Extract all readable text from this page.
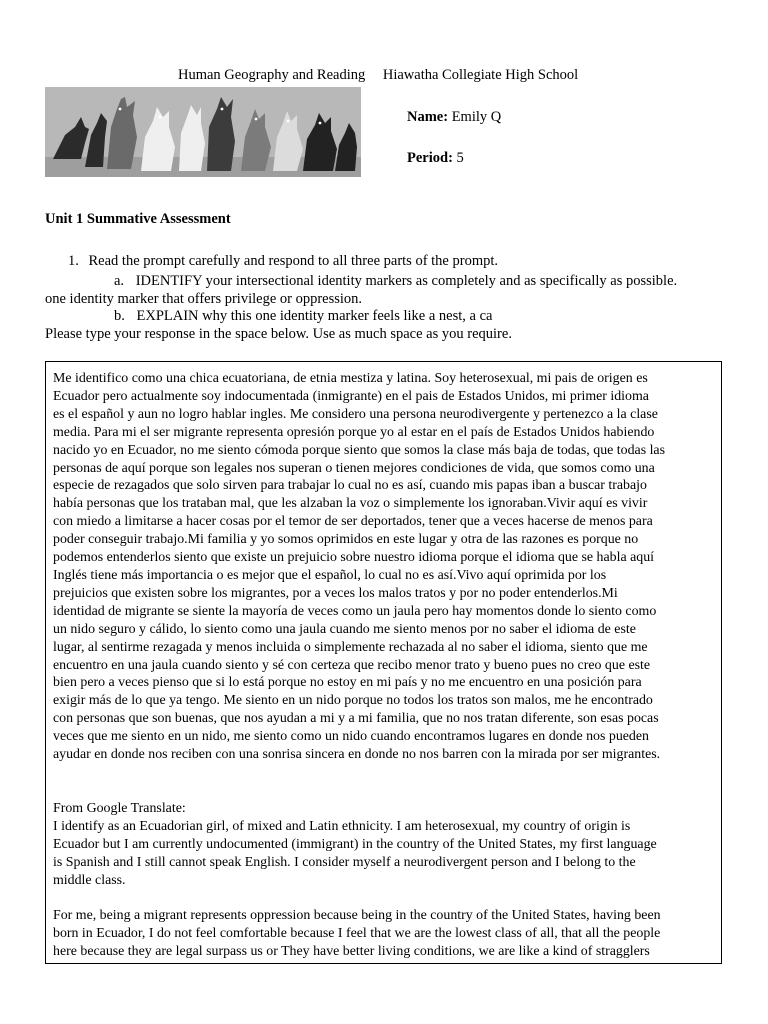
Human Geography and Reading Hiawatha Collegiate High School
Name: Emily Q
Period: 5
Unit 1 Summative Assessment
1. Read the prompt carefully and respond to all three parts of the prompt.
a. IDENTIFY your intersectional identity markers as completely and as specifically as possible.
one identity marker that offers privilege or oppression.
b. EXPLAIN why this one identity marker feels like a nest, a ca
Please type your response in the space below. Use as much space as you require.

Me identifico como una chica ecuatoriana, de etnia mestiza y latina. Soy heterosexual, mi pais de origen es

Ecuador pero actualmente soy indocumentada (inmigrante) en el pais de Estados Unidos, mi primer idioma

es el español y aun no logro hablar ingles. Me considero una persona neurodivergente y pertenezco a la clase

media. Para mi el ser migrante representa opresión porque yo al estar en el país de Estados Unidos habiendo

nacido yo en Ecuador, no me siento cómoda porque siento que somos la clase más baja de todas, que todas las

personas de aquí porque son legales nos superan o tienen mejores condiciones de vida, que somos como una

especie de rezagados que solo sirven para trabajar lo cual no es así, cuando mis papas iban a buscar trabajo

había personas que los trataban mal, que les alzaban la voz o simplemente los ignoraban.Vivir aquí es vivir

con miedo a limitarse a hacer cosas por el temor de ser deportados, tener que a veces hacerse de menos para

poder conseguir trabajo.Mi familia y yo somos oprimidos en este lugar y otra de las razones es porque no

podemos entenderlos siento que existe un prejuicio sobre nuestro idioma porque el idioma que se habla aquí

Inglés tiene más importancia o es mejor que el español, lo cual no es así.Vivo aquí oprimida por los

prejuicios que existen sobre los migrantes, por a veces los malos tratos y por no poder entenderlos.Mi

identidad de migrante se siente la mayoría de veces como un jaula pero hay momentos donde lo siento como

un nido seguro y cálido, lo siento como una jaula cuando me siento menos por no saber el idioma de este

lugar, al sentirme rezagada y menos incluida o simplemente rechazada al no saber el idioma, siento que me

encuentro en una jaula cuando siento y sé con certeza que recibo menor trato y bueno pues no creo que este

bien pero a veces pienso que si lo está porque no estoy en mi país y no me encuentro en una posición para

exigir más de lo que ya tengo. Me siento en un nido porque no todos los tratos son malos, me he encontrado

con personas que son buenas, que nos ayudan a mi y a mi familia, que no nos tratan diferente, son esas pocas

veces que me siento en un nido, me siento como un nido cuando encontramos lugares en donde nos pueden

ayudar en donde nos reciben con una sonrisa sincera en donde no nos barren con la mirada por ser migrantes.

From Google Translate:

I identify as an Ecuadorian girl, of mixed and Latin ethnicity. I am heterosexual, my country of origin is

Ecuador but I am currently undocumented (immigrant) in the country of the United States, my first language

is Spanish and I still cannot speak English. I consider myself a neurodivergent person and I belong to the

middle class.

For me, being a migrant represents oppression because being in the country of the United States, having been

born in Ecuador, I do not feel comfortable because I feel that we are the lowest class of all, that all the people

here because they are legal surpass us or They have better living conditions, we are like a kind of stragglers
